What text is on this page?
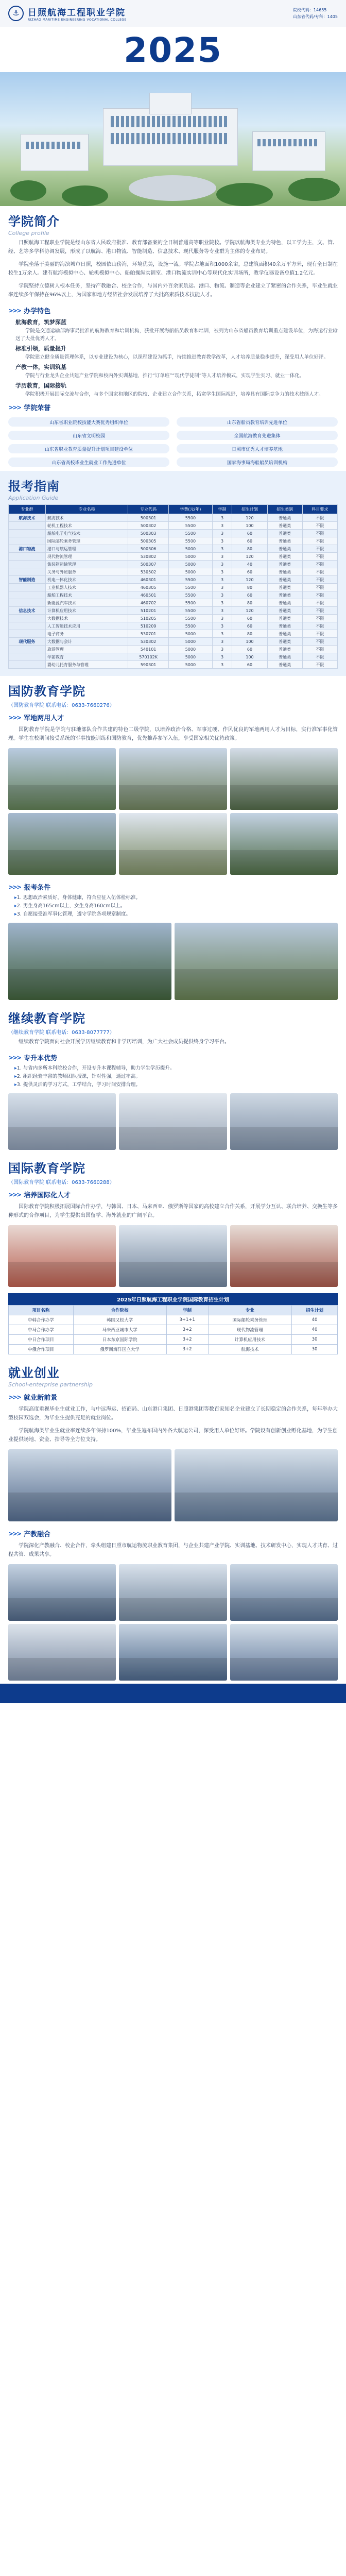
⚓ 日照航海工程职业学院
RIZHAO MARITIME ENGINEERING VOCATIONAL COLLEGE
院校代码：14655
山东省代码/专科：1405
2025
学院简介
College profile
日照航海工程职业学院是经山东省人民政府批准、教育部备案的全日制普通高等职业院校。学院以航海类专业为特色，以工学为主，文、管、经、艺等多学科协调发展，形成了以航海、港口物流、智能制造、信息技术、现代服务等专业群为主体的专业布局。
学院坐落于美丽的海滨城市日照，校园依山傍海，环境优美，设施一流。学院占地面积1000余亩，总建筑面积40余万平方米，现有全日制在校生1万余人。建有航海模拟中心、轮机模拟中心、船舶操纵实训室、港口物流实训中心等现代化实训场所，教学仪器设备总值1.2亿元。
学院坚持立德树人根本任务，坚持产教融合、校企合作，与国内外百余家航运、港口、物流、制造等企业建立了紧密的合作关系，毕业生就业率连续多年保持在96%以上，为国家和地方经济社会发展培养了大批高素质技术技能人才。
>>> 办学特色
航海教育，筑梦深蓝
学院是交通运输部海事局批准的航海教育和培训机构，获批开展海船船员教育和培训，被列为山东省船员教育培训重点建设单位，为海运行业输送了大批优秀人才。
标准引领，质量提升
学院建立健全质量管理体系，以专业建设为核心，以课程建设为抓手，持续推进教育教学改革，人才培养质量稳步提升，深受用人单位好评。
产教一体，实训筑基
学院与行业龙头企业共建产业学院和校内外实训基地，推行“订单班”“现代学徒制”等人才培养模式，实现学生实习、就业一体化。
学历教育，国际接轨
学院积极开展国际交流与合作，与多个国家和地区的院校、企业建立合作关系，拓宽学生国际视野，培养具有国际竞争力的技术技能人才。
>>> 学院荣誉
山东省职业院校技能大赛优秀组织单位	山东省船员教育培训先进单位
山东省文明校园	全国航海教育先进集体
山东省职业教育质量提升计划项目建设单位	日照市优秀人才培养基地
山东省高校毕业生就业工作先进单位	国家海事局海船船员培训机构
报考指南
Application Guide
专业群	专业名称	专业代码	学费(元/年)	学制	招生计划	招生类别	科目要求
航海技术	航海技术	500301	5500	3	120	普通类	不限
	轮机工程技术	500302	5500	3	100	普通类	不限
	船舶电子电气技术	500303	5500	3	60	普通类	不限
	国际邮轮乘务管理	500305	5500	3	60	普通类	不限
港口物流	港口与航运管理	500306	5000	3	80	普通类	不限
	现代物流管理	530802	5000	3	120	普通类	不限
	集装箱运输管理	500307	5000	3	40	普通类	不限
	关务与外贸服务	530502	5000	3	60	普通类	不限
智能制造	机电一体化技术	460301	5500	3	120	普通类	不限
	工业机器人技术	460305	5500	3	80	普通类	不限
	船舶工程技术	460501	5500	3	60	普通类	不限
	新能源汽车技术	460702	5500	3	80	普通类	不限
信息技术	计算机应用技术	510201	5500	3	120	普通类	不限
	大数据技术	510205	5500	3	60	普通类	不限
	人工智能技术应用	510209	5500	3	60	普通类	不限
	电子商务	530701	5000	3	80	普通类	不限
现代服务	大数据与会计	530302	5000	3	100	普通类	不限
	旅游管理	540101	5000	3	60	普通类	不限
	学前教育	570102K	5000	3	100	普通类	不限
	婴幼儿托育服务与管理	590301	5000	3	60	普通类	不限
国防教育学院
（国防教育学院 联系电话：0633-7660276）
>>> 军地两用人才
国防教育学院是学院与驻地部队合作共建的特色二级学院，以培养政治合格、军事过硬、作风优良的军地两用人才为目标，实行准军事化管理。学生在校期间接受系统的军事技能训练和国防教育，优先推荐参军入伍，享受国家相关优待政策。
>>> 报考条件
▸ 1. 思想政治素质好，身体健康，符合应征入伍体检标准。
▸ 2. 男生身高165cm以上，女生身高160cm以上。
▸ 3. 自愿接受准军事化管理，遵守学院各项规章制度。
继续教育学院
（继续教育学院 联系电话：0633-8077777）
继续教育学院面向社会开展学历继续教育和非学历培训，为广大社会成员提供终身学习平台。
>>> 专升本优势
▸ 1. 与省内多所本科院校合作，开设专升本课程辅导，助力学生学历提升。
▸ 2. 组织经验丰富的教师团队授课，针对性强，通过率高。
▸ 3. 提供灵活的学习方式，工学结合，学习时间安排合理。
国际教育学院
（国际教育学院 联系电话：0633-7660288）
>>> 培养国际化人才
国际教育学院积极拓展国际合作办学，与韩国、日本、马来西亚、俄罗斯等国家的高校建立合作关系，开展学分互认、联合培养、交换生等多种形式的合作项目，为学生提供出国留学、海外就业的广阔平台。
2025年日照航海工程职业学院国际教育招生计划
项目名称	合作院校	学制	专业	招生计划
中韩合作办学	韩国又松大学	3+1+1	国际邮轮乘务管理	40
中马合作办学	马来西亚城市大学	3+2	现代物流管理	40
中日合作项目	日本东京国际学院	3+2	计算机应用技术	30
中俄合作项目	俄罗斯海洋国立大学	3+2	航海技术	30
就业创业
School-enterprise partnership
>>> 就业新前景
学院高度重视毕业生就业工作，与中远海运、招商局、山东港口集团、日照港集团等数百家知名企业建立了长期稳定的合作关系，每年举办大型校园双选会，为毕业生提供充足的就业岗位。
学院航海类毕业生就业率连续多年保持100%，毕业生遍布国内外各大航运公司，深受用人单位好评。学院设有创新创业孵化基地，为学生创业提供场地、资金、指导等全方位支持。
>>> 产教融合
学院深化产教融合、校企合作，牵头组建日照市航运物流职业教育集团，与企业共建产业学院、实训基地、技术研发中心，实现人才共育、过程共管、成果共享。
